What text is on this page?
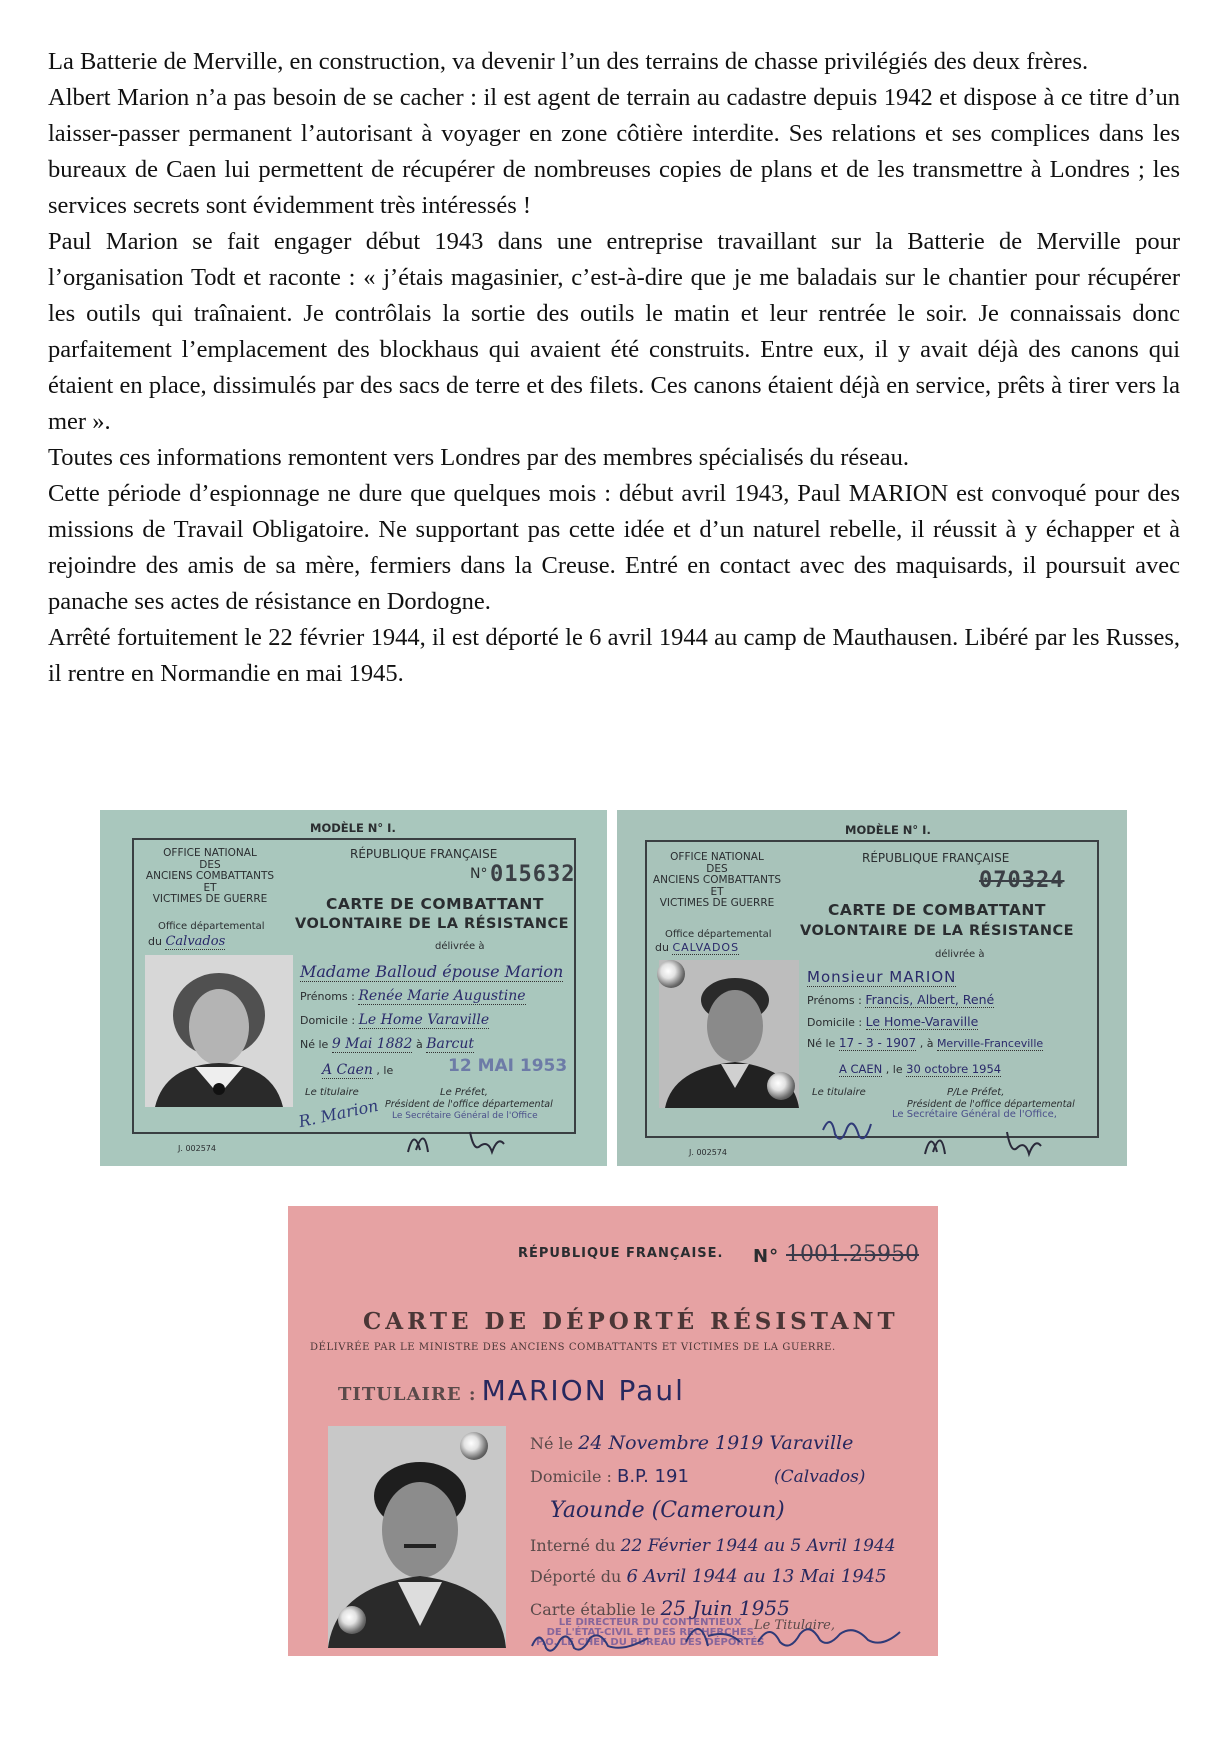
La Batterie de Merville, en construction, va devenir l’un des terrains de chasse privilégiés des deux frères.

Albert Marion n’a pas besoin de se cacher : il est agent de terrain au cadastre depuis 1942 et dispose à ce titre d’un laisser-passer permanent l’autorisant à voyager en zone côtière interdite. Ses relations et ses complices dans les bureaux de Caen lui permettent de récupérer de nombreuses copies de plans et de les transmettre à Londres ; les services secrets sont évidemment très intéressés !

Paul Marion se fait engager début 1943 dans une entreprise travaillant sur la Batterie de Merville pour l’organisation Todt et raconte : « j’étais magasinier, c’est-à-dire que je me baladais sur le chantier pour récupérer les outils qui traînaient. Je contrôlais la sortie des outils le matin et leur rentrée le soir. Je connaissais donc parfaitement l’emplacement des blockhaus qui avaient été construits. Entre eux, il y avait déjà des canons qui étaient en place, dissimulés par des sacs de terre et des filets. Ces canons étaient déjà en service, prêts à tirer vers la mer ».

Toutes ces informations remontent vers Londres par des membres spécialisés du réseau.

Cette période d’espionnage ne dure que quelques mois : début avril 1943, Paul MARION est convoqué pour des missions de Travail Obligatoire. Ne supportant pas cette idée et d’un naturel rebelle, il réussit à y échapper et à rejoindre des amis de sa mère, fermiers dans la Creuse. Entré en contact avec des maquisards, il poursuit avec panache ses actes de résistance en Dordogne.

Arrêté fortuitement le 22 février 1944, il est déporté le 6 avril 1944 au camp de Mauthausen. Libéré par les Russes, il rentre en Normandie en mai 1945.

MODÈLE N° I.
OFFICE NATIONAL
DES
ANCIENS COMBATTANTS
ET
VICTIMES DE GUERRE
RÉPUBLIQUE FRANÇAISE
N° 015632
CARTE DE COMBATTANT
VOLONTAIRE DE LA RÉSISTANCE
Office départemental
du Calvados	délivrée à
Madame Balloud épouse Marion
Prénoms : Renée Marie Augustine
Domicile : Le Home Varaville
Né le 9 Mai 1882 à Barcut
A Caen , le	12 MAI 1953
Le titulaire	Le Préfet,
Président de l'office départemental
Le Secrétaire Général de l'Office
R. Marion
J. 002574
MODÈLE N° I.
OFFICE NATIONAL
DES
ANCIENS COMBATTANTS
ET
VICTIMES DE GUERRE
RÉPUBLIQUE FRANÇAISE
070324
CARTE DE COMBATTANT
VOLONTAIRE DE LA RÉSISTANCE
Office départemental
du CALVADOS
délivrée à
Monsieur MARION
Prénoms : Francis, Albert, René
Domicile : Le Home-Varaville
Né le 17 - 3 - 1907 , à Merville-Franceville
A CAEN , le 30 octobre 1954
Le titulaire	P/Le Préfet,
Président de l'office départemental
Le Secrétaire Général de l'Office,
J. 002574
RÉPUBLIQUE FRANÇAISE. N° 1001.25950
CARTE DE DÉPORTÉ RÉSISTANT
DÉLIVRÉE PAR LE MINISTRE DES ANCIENS COMBATTANTS ET VICTIMES DE LA GUERRE.
TITULAIRE : MARION Paul
Né le 24 Novembre 1919 Varaville
Domicile : B.P. 191	(Calvados)
Yaounde (Cameroun)
Interné du 22 Février 1944 au 5 Avril 1944
Déporté du 6 Avril 1944 au 13 Mai 1945
Carte établie le 25 Juin 1955
LE DIRECTEUR DU CONTENTIEUX
DE L'ÉTAT-CIVIL ET DES RECHERCHES
P.O. LE CHEF DU BUREAU DES DÉPORTÉS
Le Titulaire,
